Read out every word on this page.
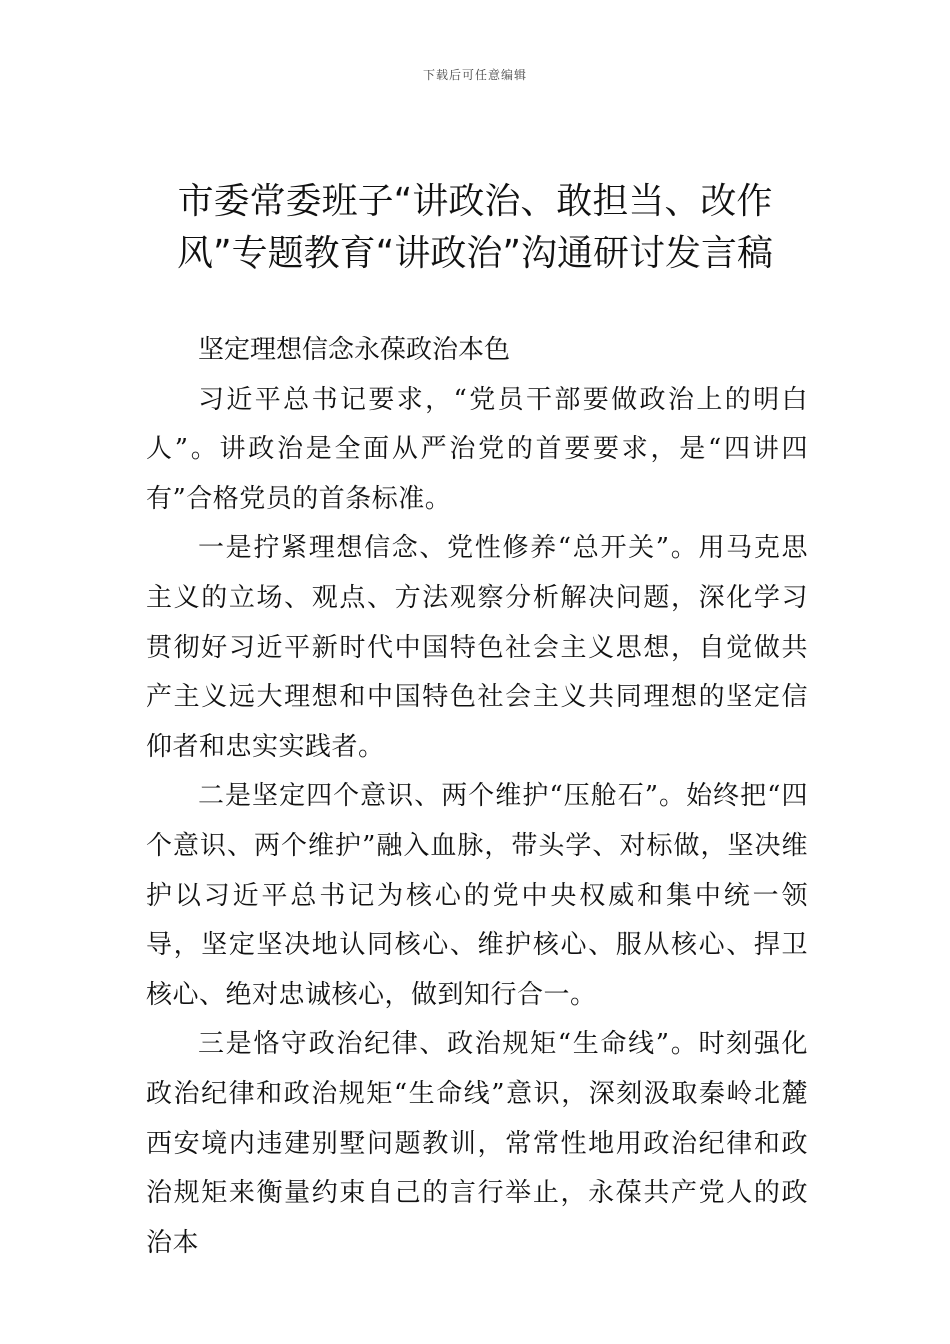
下载后可任意编辑
市委常委班子“讲政治、敢担当、改作
风”专题教育“讲政治”沟通研讨发言稿

坚定理想信念永葆政治本色

习近平总书记要求，“党员干部要做政治上的明白人”。讲政治是全面从严治党的首要要求，是“四讲四有”合格党员的首条标准。

一是拧紧理想信念、党性修养“总开关”。用马克思主义的立场、观点、方法观察分析解决问题，深化学习贯彻好习近平新时代中国特色社会主义思想，自觉做共产主义远大理想和中国特色社会主义共同理想的坚定信仰者和忠实实践者。

二是坚定四个意识、两个维护“压舱石”。始终把“四个意识、两个维护”融入血脉，带头学、对标做，坚决维护以习近平总书记为核心的党中央权威和集中统一领导，坚定坚决地认同核心、维护核心、服从核心、捍卫核心、绝对忠诚核心，做到知行合一。

三是恪守政治纪律、政治规矩“生命线”。时刻强化政治纪律和政治规矩“生命线”意识，深刻汲取秦岭北麓西安境内违建别墅问题教训，常常性地用政治纪律和政治规矩来衡量约束自己的言行举止，永葆共产党人的政治本
